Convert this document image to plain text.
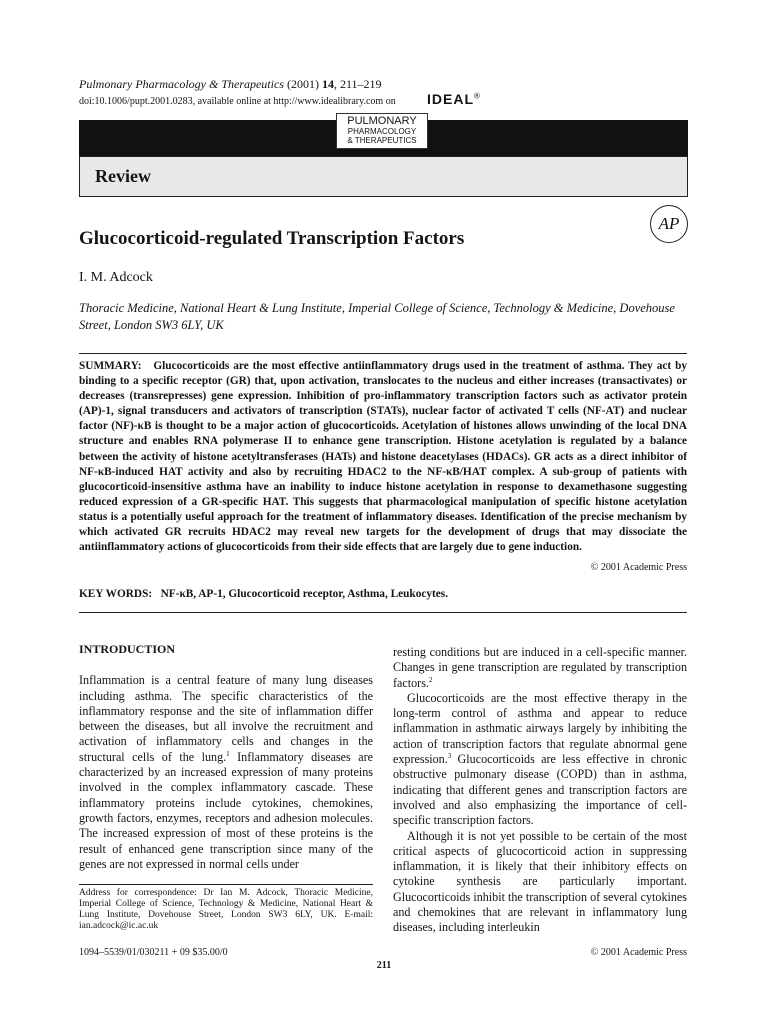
Pulmonary Pharmacology & Therapeutics (2001) 14, 211–219
doi:10.1006/pupt.2001.0283, available online at http://www.idealibrary.com on IDEAL®
PULMONARY
PHARMACOLOGY
& THERAPEUTICS
Review
AP
Glucocorticoid-regulated Transcription Factors
I. M. Adcock
Thoracic Medicine, National Heart & Lung Institute, Imperial College of Science, Technology & Medicine, Dovehouse Street, London SW3 6LY, UK
SUMMARY: Glucocorticoids are the most effective antiinflammatory drugs used in the treatment of asthma. They act by binding to a specific receptor (GR) that, upon activation, translocates to the nucleus and either increases (transactivates) or decreases (transrepresses) gene expression. Inhibition of pro-inflammatory transcription factors such as activator protein (AP)-1, signal transducers and activators of transcription (STATs), nuclear factor of activated T cells (NF-AT) and nuclear factor (NF)-κB is thought to be a major action of glucocorticoids. Acetylation of histones allows unwinding of the local DNA structure and enables RNA polymerase II to enhance gene transcription. Histone acetylation is regulated by a balance between the activity of histone acetyltransferases (HATs) and histone deacetylases (HDACs). GR acts as a direct inhibitor of NF-κB-induced HAT activity and also by recruiting HDAC2 to the NF-κB/HAT complex. A sub-group of patients with glucocorticoid-insensitive asthma have an inability to induce histone acetylation in response to dexamethasone suggesting reduced expression of a GR-specific HAT. This suggests that pharmacological manipulation of specific histone acetylation status is a potentially useful approach for the treatment of inflammatory diseases. Identification of the precise mechanism by which activated GR recruits HDAC2 may reveal new targets for the development of drugs that may dissociate the antiinflammatory actions of glucocorticoids from their side effects that are largely due to gene induction.
© 2001 Academic Press
KEY WORDS: NF-κB, AP-1, Glucocorticoid receptor, Asthma, Leukocytes.
INTRODUCTION

Inflammation is a central feature of many lung diseases including asthma. The specific characteristics of the inflammatory response and the site of inflammation differ between the diseases, but all involve the recruitment and activation of inflammatory cells and changes in the structural cells of the lung.$^1$ Inflammatory diseases are characterized by an increased expression of many proteins involved in the complex inflammatory cascade. These inflammatory proteins include cytokines, chemokines, growth factors, enzymes, receptors and adhesion molecules. The increased expression of most of these proteins is the result of enhanced gene transcription since many of the genes are not expressed in normal cells under

resting conditions but are induced in a cell-specific manner. Changes in gene transcription are regulated by transcription factors.$^2$

Glucocorticoids are the most effective therapy in the long-term control of asthma and appear to reduce inflammation in asthmatic airways largely by inhibiting the action of transcription factors that regulate abnormal gene expression.$^3$ Glucocorticoids are less effective in chronic obstructive pulmonary disease (COPD) than in asthma, indicating that different genes and transcription factors are involved and also emphasizing the importance of cell-specific transcription factors.

Although it is not yet possible to be certain of the most critical aspects of glucocorticoid action in suppressing inflammation, it is likely that their inhibitory effects on cytokine synthesis are particularly important. Glucocorticoids inhibit the transcription of several cytokines and chemokines that are relevant in inflammatory lung diseases, including interleukin

Address for correspondence: Dr Ian M. Adcock, Thoracic Medicine, Imperial College of Science, Technology & Medicine, National Heart & Lung Institute, Dovehouse Street, London SW3 6LY, UK. E-mail: ian.adcock@ic.ac.uk
1094–5539/01/030211 + 09 $35.00/0	© 2001 Academic Press
211
